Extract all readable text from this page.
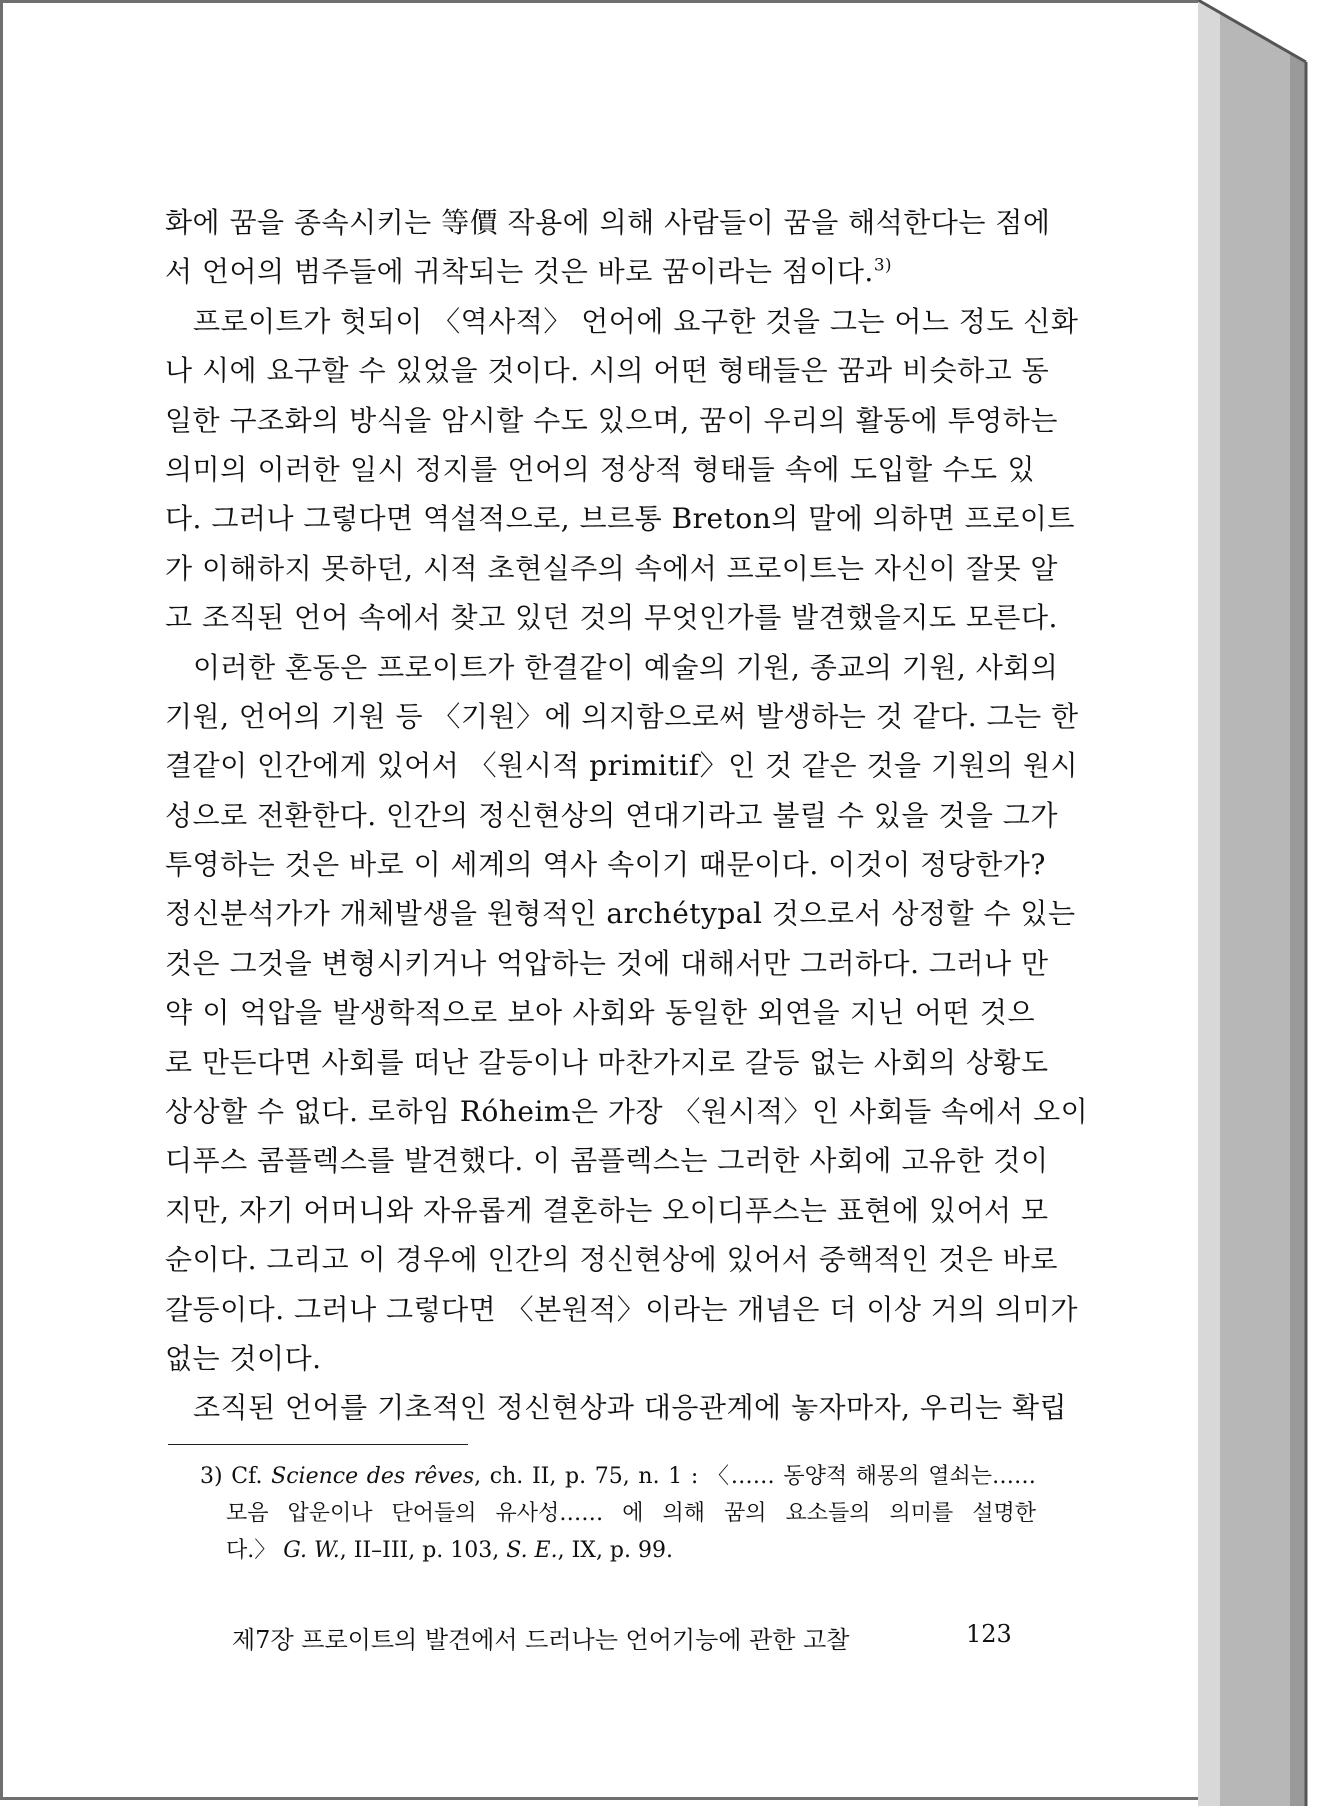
화에 꿈을 종속시키는 等價 작용에 의해 사람들이 꿈을 해석한다는 점에
서 언어의 범주들에 귀착되는 것은 바로 꿈이라는 점이다.$^{3)}$
프로이트가 헛되이 〈역사적〉 언어에 요구한 것을 그는 어느 정도 신화
나 시에 요구할 수 있었을 것이다. 시의 어떤 형태들은 꿈과 비슷하고 동
일한 구조화의 방식을 암시할 수도 있으며, 꿈이 우리의 활동에 투영하는
의미의 이러한 일시 정지를 언어의 정상적 형태들 속에 도입할 수도 있
다. 그러나 그렇다면 역설적으로, 브르통 Breton의 말에 의하면 프로이트
가 이해하지 못하던, 시적 초현실주의 속에서 프로이트는 자신이 잘못 알
고 조직된 언어 속에서 찾고 있던 것의 무엇인가를 발견했을지도 모른다.
이러한 혼동은 프로이트가 한결같이 예술의 기원, 종교의 기원, 사회의
기원, 언어의 기원 등 〈기원〉에 의지함으로써 발생하는 것 같다. 그는 한
결같이 인간에게 있어서 〈원시적 primitif〉인 것 같은 것을 기원의 원시
성으로 전환한다. 인간의 정신현상의 연대기라고 불릴 수 있을 것을 그가
투영하는 것은 바로 이 세계의 역사 속이기 때문이다. 이것이 정당한가?
정신분석가가 개체발생을 원형적인 archétypal 것으로서 상정할 수 있는
것은 그것을 변형시키거나 억압하는 것에 대해서만 그러하다. 그러나 만
약 이 억압을 발생학적으로 보아 사회와 동일한 외연을 지닌 어떤 것으
로 만든다면 사회를 떠난 갈등이나 마찬가지로 갈등 없는 사회의 상황도
상상할 수 없다. 로하임 Róheim은 가장 〈원시적〉인 사회들 속에서 오이
디푸스 콤플렉스를 발견했다. 이 콤플렉스는 그러한 사회에 고유한 것이
지만, 자기 어머니와 자유롭게 결혼하는 오이디푸스는 표현에 있어서 모
순이다. 그리고 이 경우에 인간의 정신현상에 있어서 중핵적인 것은 바로
갈등이다. 그러나 그렇다면 〈본원적〉이라는 개념은 더 이상 거의 의미가
없는 것이다.
조직된 언어를 기초적인 정신현상과 대응관계에 놓자마자, 우리는 확립
3) Cf. Science des rêves, ch. II, p. 75, n. 1 : 〈…… 동양적 해몽의 열쇠는……
모음 압운이나 단어들의 유사성…… 에 의해 꿈의 요소들의 의미를 설명한
다.〉 G. W., II–III, p. 103, S. E., IX, p. 99.
제7장 프로이트의 발견에서 드러나는 언어기능에 관한 고찰	123
